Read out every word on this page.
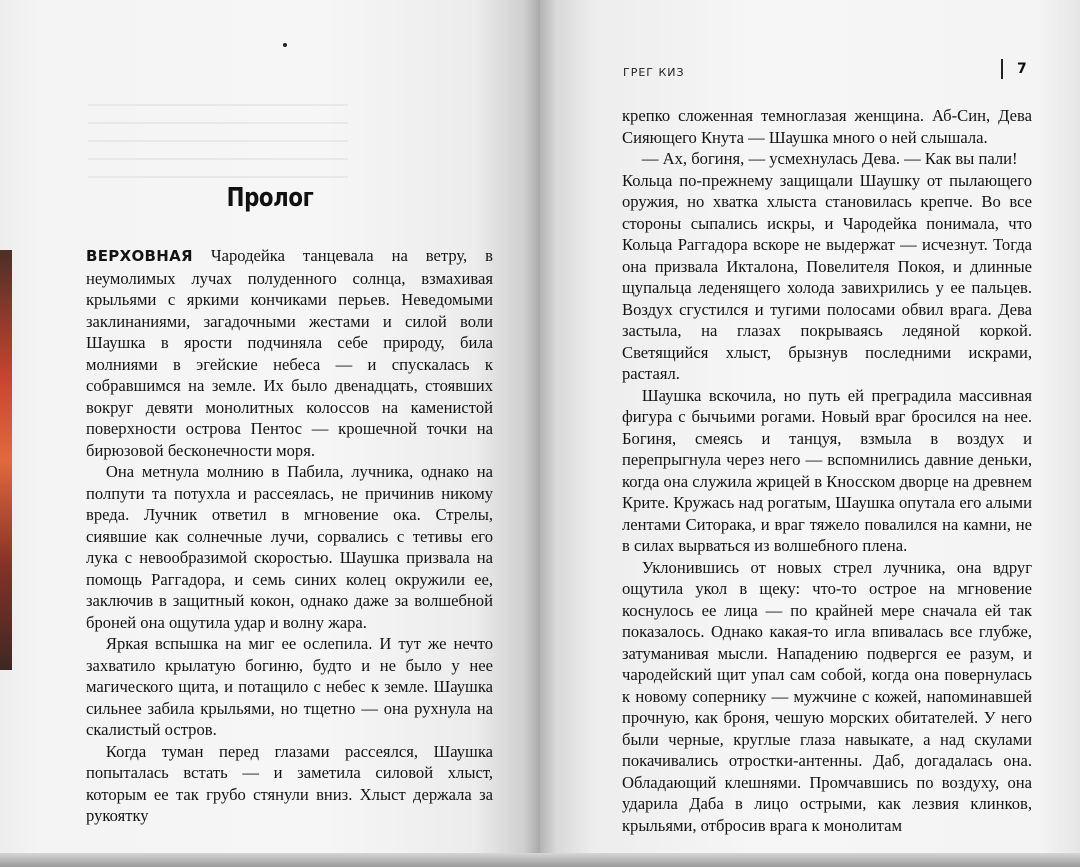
Пролог

ВЕРХОВНАЯ Чародейка танцевала на ветру, в неумолимых лучах полуденного солнца, взмахивая крыльями с яркими кончиками перьев. Неведомыми заклинаниями, загадочными жестами и силой воли Шаушка в ярости подчиняла себе природу, била молниями в эгейские небеса — и спускалась к собравшимся на земле. Их было двенадцать, стоявших вокруг девяти монолитных колоссов на каменистой поверхности острова Пентос — крошечной точки на бирюзовой бесконечности моря.

Она метнула молнию в Пабила, лучника, однако на полпути та потухла и рассеялась, не причинив никому вреда. Лучник ответил в мгновение ока. Стрелы, сиявшие как солнечные лучи, сорвались с тетивы его лука с невообразимой скоростью. Шаушка призвала на помощь Раггадора, и семь синих колец окружили ее, заключив в защитный кокон, однако даже за волшебной броней она ощутила удар и волну жара.

Яркая вспышка на миг ее ослепила. И тут же нечто захватило крылатую богиню, будто и не было у нее магического щита, и потащило с небес к земле. Шаушка сильнее забила крыльями, но тщетно — она рухнула на скалистый остров.

Когда туман перед глазами рассеялся, Шаушка попыталась встать — и заметила силовой хлыст, которым ее так грубо стянули вниз. Хлыст держала за рукоятку

ГРЕГ КИЗ	7

крепко сложенная темноглазая женщина. Аб-Син, Дева Сияющего Кнута — Шаушка много о ней слышала.

— Ах, богиня, — усмехнулась Дева. — Как вы пали!

Кольца по-прежнему защищали Шаушку от пылающего оружия, но хватка хлыста становилась крепче. Во все стороны сыпались искры, и Чародейка понимала, что Кольца Раггадора вскоре не выдержат — исчезнут. Тогда она призвала Икталона, Повелителя Покоя, и длинные щупальца леденящего холода завихрились у ее пальцев. Воздух сгустился и тугими полосами обвил врага. Дева застыла, на глазах покрываясь ледяной коркой. Светящийся хлыст, брызнув последними искрами, растаял.

Шаушка вскочила, но путь ей преградила массивная фигура с бычьими рогами. Новый враг бросился на нее. Богиня, смеясь и танцуя, взмыла в воздух и перепрыгнула через него — вспомнились давние деньки, когда она служила жрицей в Кносском дворце на древнем Крите. Кружась над рогатым, Шаушка опутала его алыми лентами Ситорака, и враг тяжело повалился на камни, не в силах вырваться из волшебного плена.

Уклонившись от новых стрел лучника, она вдруг ощутила укол в щеку: что-то острое на мгновение коснулось ее лица — по крайней мере сначала ей так показалось. Однако какая-то игла впивалась все глубже, затуманивая мысли. Нападению подвергся ее разум, и чародейский щит упал сам собой, когда она повернулась к новому сопернику — мужчине с кожей, напоминавшей прочную, как броня, чешую морских обитателей. У него были черные, круглые глаза навыкате, а над скулами покачивались отростки-антенны. Даб, догадалась она. Обладающий клешнями. Промчавшись по воздуху, она ударила Даба в лицо острыми, как лезвия клинков, крыльями, отбросив врага к монолитам
